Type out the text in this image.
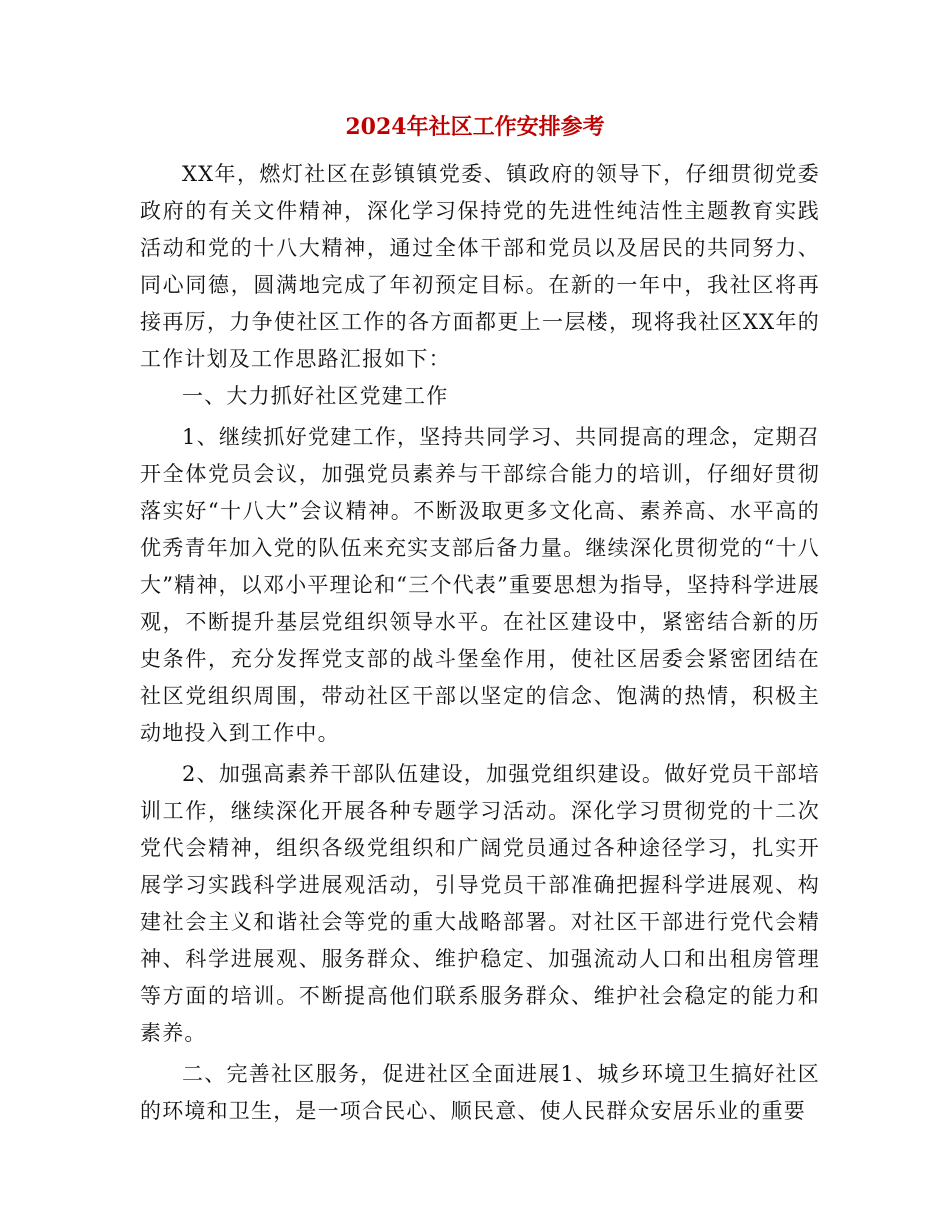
2024年社区工作安排参考

XX年，燃灯社区在彭镇镇党委、镇政府的领导下，仔细贯彻党委政府的有关文件精神，深化学习保持党的先进性纯洁性主题教育实践活动和党的十八大精神，通过全体干部和党员以及居民的共同努力、同心同德，圆满地完成了年初预定目标。在新的一年中，我社区将再接再厉，力争使社区工作的各方面都更上一层楼，现将我社区XX年的工作计划及工作思路汇报如下：

一、大力抓好社区党建工作

1、继续抓好党建工作，坚持共同学习、共同提高的理念，定期召开全体党员会议，加强党员素养与干部综合能力的培训，仔细好贯彻落实好“十八大”会议精神。不断汲取更多文化高、素养高、水平高的优秀青年加入党的队伍来充实支部后备力量。继续深化贯彻党的“十八大”精神，以邓小平理论和“三个代表”重要思想为指导，坚持科学进展观，不断提升基层党组织领导水平。在社区建设中，紧密结合新的历史条件，充分发挥党支部的战斗堡垒作用，使社区居委会紧密团结在社区党组织周围，带动社区干部以坚定的信念、饱满的热情，积极主动地投入到工作中。

2、加强高素养干部队伍建设，加强党组织建设。做好党员干部培训工作，继续深化开展各种专题学习活动。深化学习贯彻党的十二次党代会精神，组织各级党组织和广阔党员通过各种途径学习，扎实开展学习实践科学进展观活动，引导党员干部准确把握科学进展观、构建社会主义和谐社会等党的重大战略部署。对社区干部进行党代会精神、科学进展观、服务群众、维护稳定、加强流动人口和出租房管理等方面的培训。不断提高他们联系服务群众、维护社会稳定的能力和素养。

二、完善社区服务，促进社区全面进展1、城乡环境卫生搞好社区的环境和卫生，是一项合民心、顺民意、使人民群众安居乐业的重要
